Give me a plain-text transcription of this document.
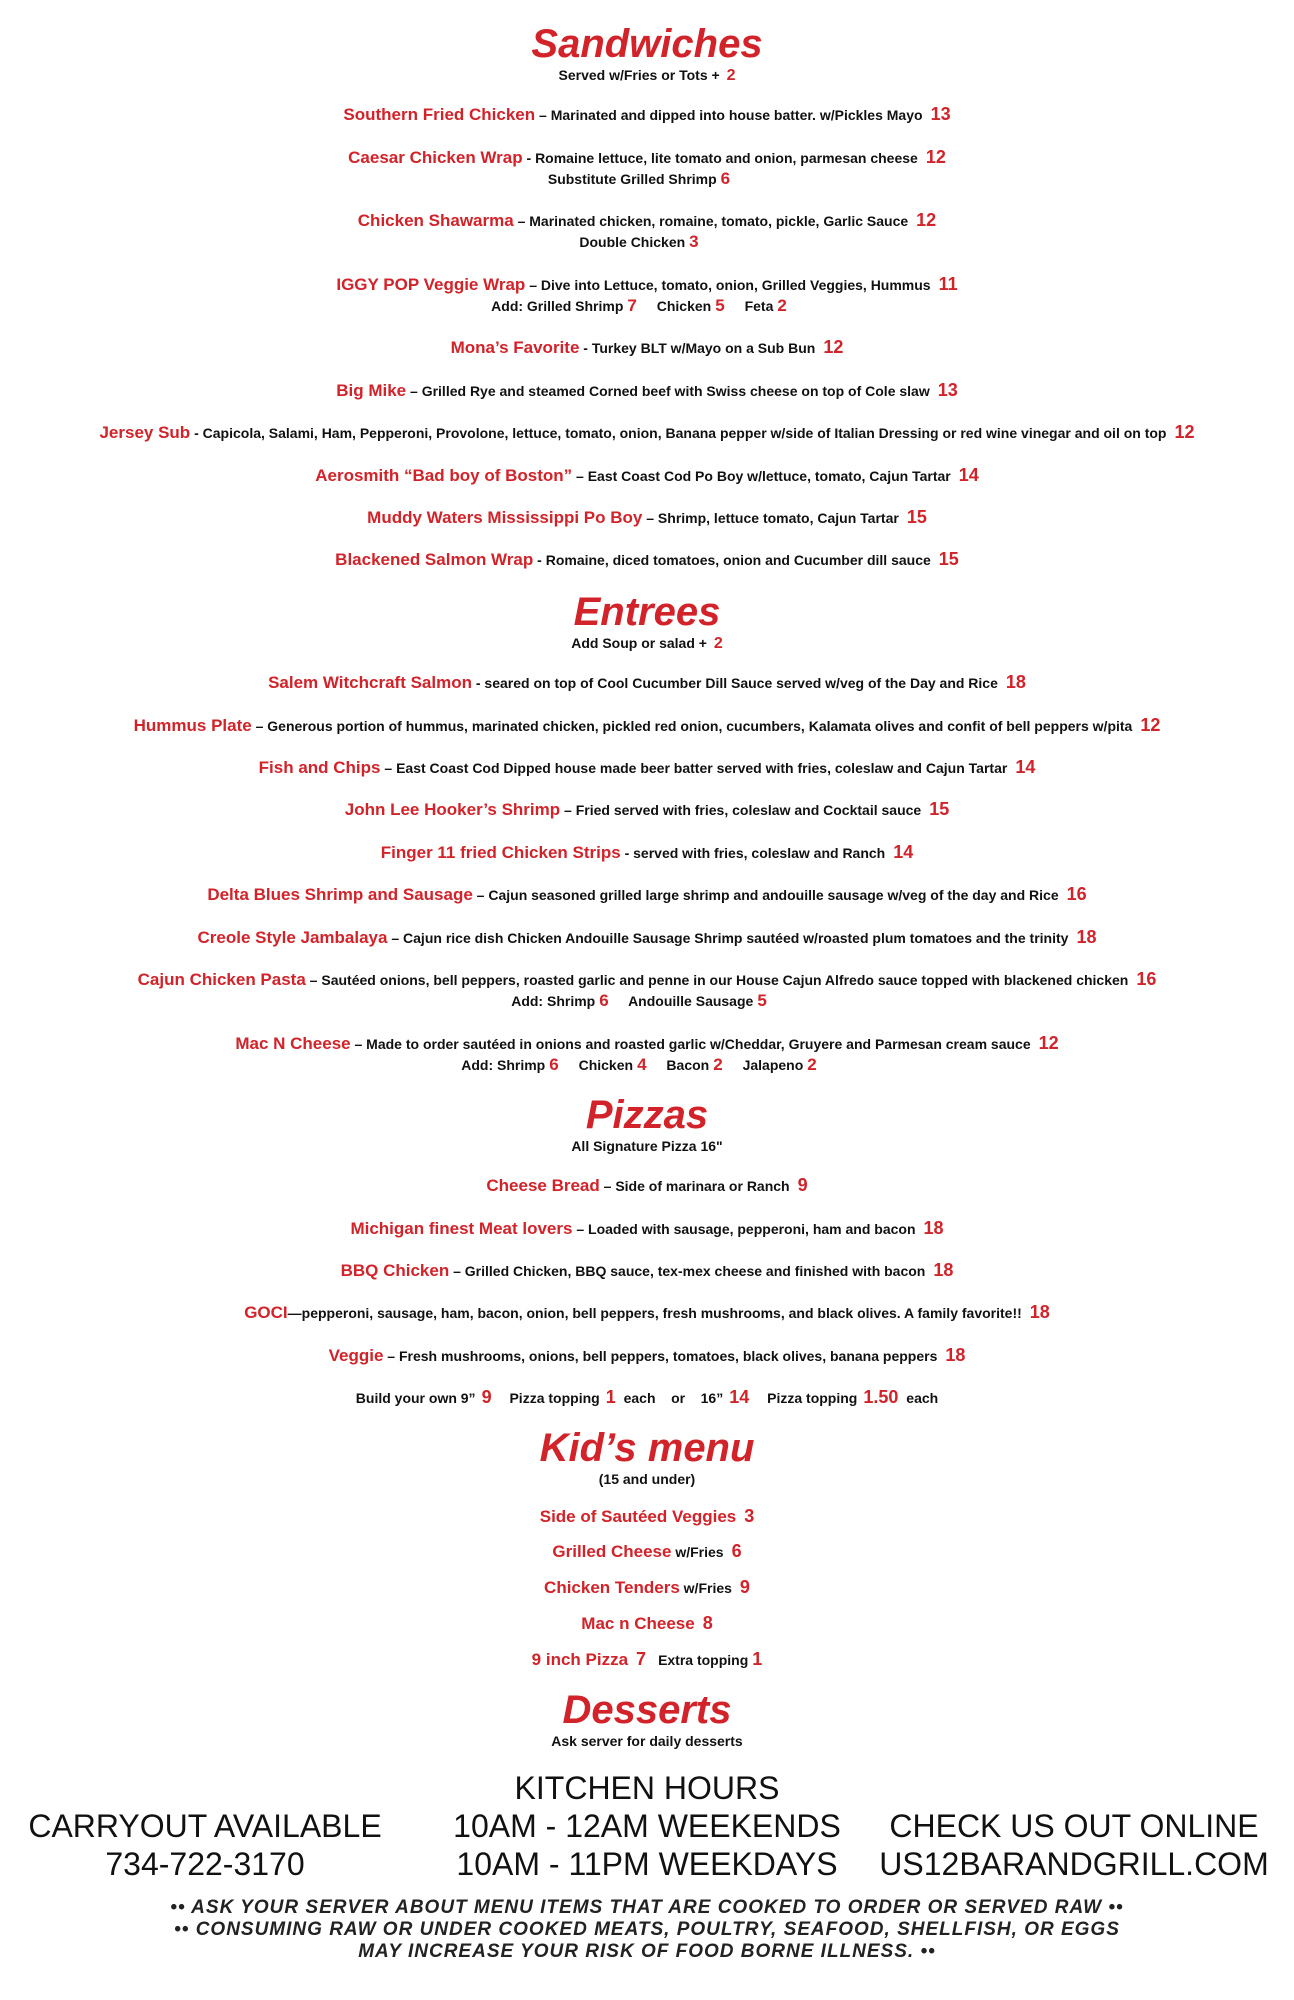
Sandwiches
Served w/Fries or Tots + 2
Southern Fried Chicken – Marinated and dipped into house batter. w/Pickles Mayo 13
Caesar Chicken Wrap - Romaine lettuce, lite tomato and onion, parmesan cheese 12
Substitute Grilled Shrimp 6
Chicken Shawarma – Marinated chicken, romaine, tomato, pickle, Garlic Sauce 12
Double Chicken 3
IGGY POP Veggie Wrap – Dive into Lettuce, tomato, onion, Grilled Veggies, Hummus 11
Add: Grilled Shrimp 7 Chicken 5 Feta 2
Mona’s Favorite - Turkey BLT w/Mayo on a Sub Bun 12
Big Mike – Grilled Rye and steamed Corned beef with Swiss cheese on top of Cole slaw 13
Jersey Sub - Capicola, Salami, Ham, Pepperoni, Provolone, lettuce, tomato, onion, Banana pepper w/side of Italian Dressing or red wine vinegar and oil on top 12
Aerosmith “Bad boy of Boston” – East Coast Cod Po Boy w/lettuce, tomato, Cajun Tartar 14
Muddy Waters Mississippi Po Boy – Shrimp, lettuce tomato, Cajun Tartar 15
Blackened Salmon Wrap - Romaine, diced tomatoes, onion and Cucumber dill sauce 15
Entrees
Add Soup or salad + 2
Salem Witchcraft Salmon - seared on top of Cool Cucumber Dill Sauce served w/veg of the Day and Rice 18
Hummus Plate – Generous portion of hummus, marinated chicken, pickled red onion, cucumbers, Kalamata olives and confit of bell peppers w/pita 12
Fish and Chips – East Coast Cod Dipped house made beer batter served with fries, coleslaw and Cajun Tartar 14
John Lee Hooker’s Shrimp – Fried served with fries, coleslaw and Cocktail sauce 15
Finger 11 fried Chicken Strips - served with fries, coleslaw and Ranch 14
Delta Blues Shrimp and Sausage – Cajun seasoned grilled large shrimp and andouille sausage w/veg of the day and Rice 16
Creole Style Jambalaya – Cajun rice dish Chicken Andouille Sausage Shrimp sautéed w/roasted plum tomatoes and the trinity 18
Cajun Chicken Pasta – Sautéed onions, bell peppers, roasted garlic and penne in our House Cajun Alfredo sauce topped with blackened chicken 16
Add: Shrimp 6 Andouille Sausage 5
Mac N Cheese – Made to order sautéed in onions and roasted garlic w/Cheddar, Gruyere and Parmesan cream sauce 12
Add: Shrimp 6 Chicken 4 Bacon 2 Jalapeno 2
Pizzas
All Signature Pizza 16"
Cheese Bread – Side of marinara or Ranch 9
Michigan finest Meat lovers – Loaded with sausage, pepperoni, ham and bacon 18
BBQ Chicken – Grilled Chicken, BBQ sauce, tex-mex cheese and finished with bacon 18
GOCI—pepperoni, sausage, ham, bacon, onion, bell peppers, fresh mushrooms, and black olives. A family favorite!! 18
Veggie – Fresh mushrooms, onions, bell peppers, tomatoes, black olives, banana peppers 18
Build your own 9” 9 Pizza topping 1 each or 16” 14 Pizza topping 1.50 each
Kid’s menu
(15 and under)
Side of Sautéed Veggies 3
Grilled Cheese w/Fries 6
Chicken Tenders w/Fries 9
Mac n Cheese 8
9 inch Pizza 7 Extra topping 1
Desserts
Ask server for daily desserts
CARRYOUT AVAILABLE
734-722-3170
KITCHEN HOURS
10AM - 12AM WEEKENDS
10AM - 11PM WEEKDAYS
CHECK US OUT ONLINE
US12BARANDGRILL.COM
•• ASK YOUR SERVER ABOUT MENU ITEMS THAT ARE COOKED TO ORDER OR SERVED RAW ••
•• CONSUMING RAW OR UNDER COOKED MEATS, POULTRY, SEAFOOD, SHELLFISH, OR EGGS
MAY INCREASE YOUR RISK OF FOOD BORNE ILLNESS. ••
